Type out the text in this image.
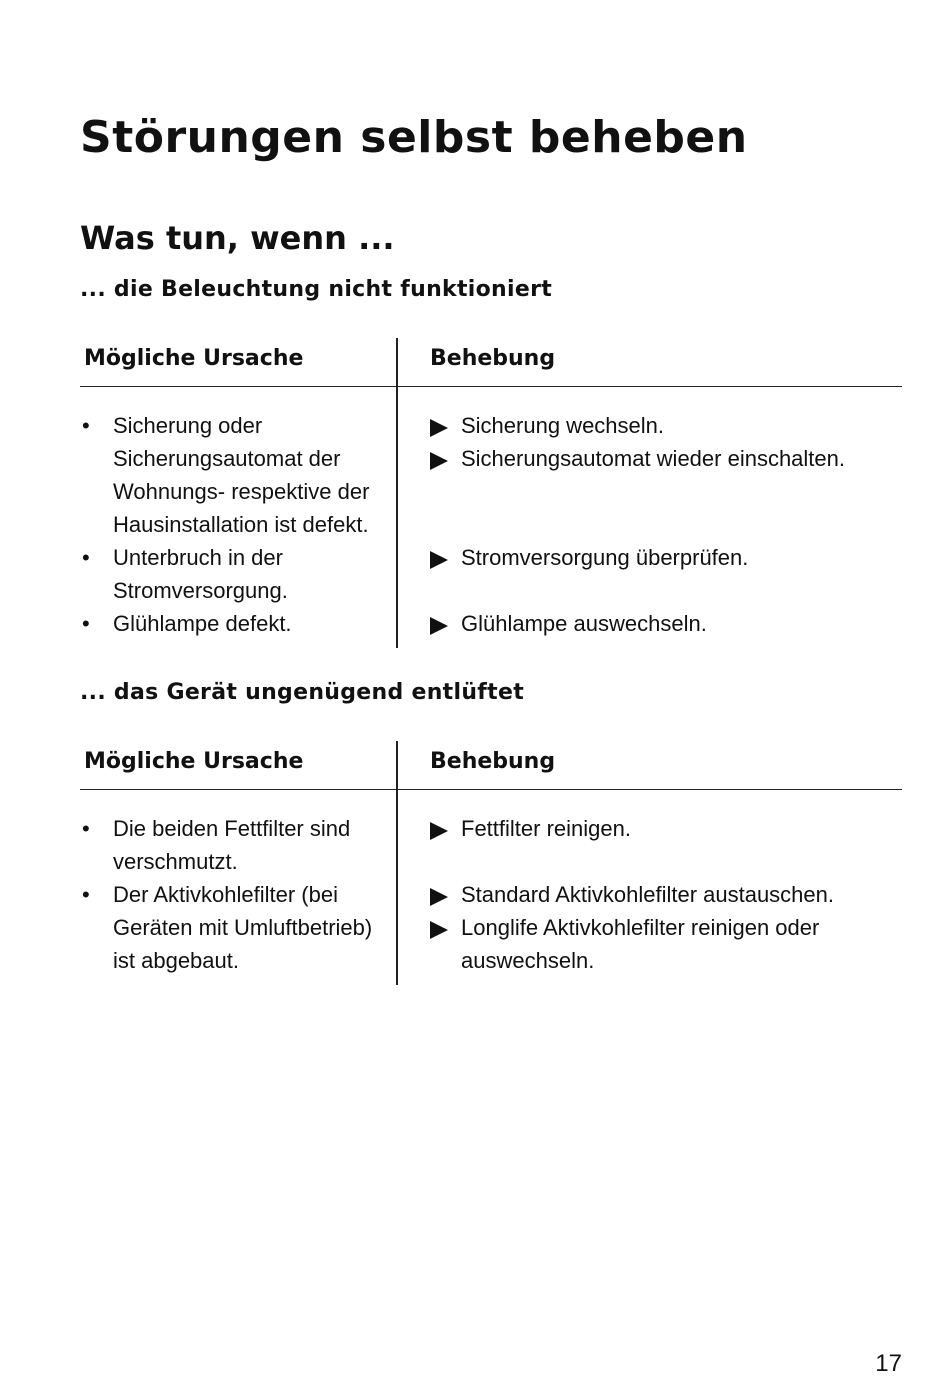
Störungen selbst beheben
Was tun, wenn ...
... die Beleuchtung nicht funktioniert
Mögliche Ursache	Behebung
• Sicherung oder Sicherungsautomat der Wohnungs- respektive der Hausinstallation ist defekt.
• Unterbruch in der Stromversorgung.
• Glühlampe defekt.
Sicherung wechseln.
Sicherungsautomat wieder einschalten.
Stromversorgung überprüfen.
Glühlampe auswechseln.
... das Gerät ungenügend entlüftet
Mögliche Ursache	Behebung
• Die beiden Fettfilter sind verschmutzt.
• Der Aktivkohlefilter (bei Geräten mit Umluftbetrieb) ist abgebaut.
Fettfilter reinigen.
Standard Aktivkohlefilter austauschen.
Longlife Aktivkohlefilter reinigen oder auswechseln.
17
